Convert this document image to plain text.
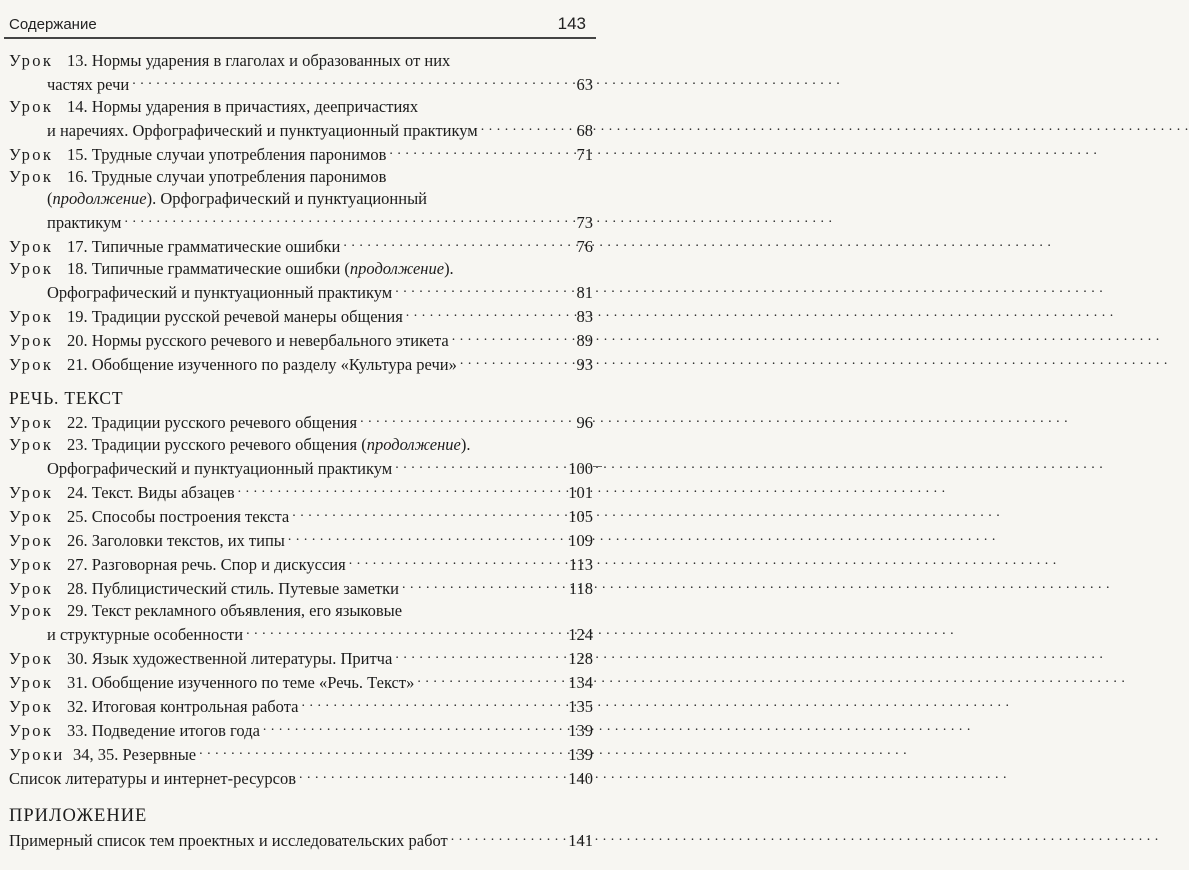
Содержание	143
Урок 13.
Нормы ударения в глаголах и образованных от них
частях речи . . .	63
Урок 14.
Нормы ударения в причастиях, деепричастиях
и наречиях. Орфографический и пунктуационный практикум . . .	68
Урок 15.
Трудные случаи употребления паронимов . . .	71
Урок 16.
Трудные случаи употребления паронимов
( продолжение ). Орфографический и пунктуационный
практикум . . .	73
Урок 17.
Типичные грамматические ошибки . . .	76
Урок 18.
Типичные грамматические ошибки ( продолжение ).
Орфографический и пунктуационный практикум . . .	81
Урок 19.
Традиции русской речевой манеры общения . . .	83
Урок 20.
Нормы русского речевого и невербального этикета . . .	89
Урок 21.
Обобщение изученного по разделу «Культура речи» . . .	93
РЕЧЬ. ТЕКСТ
Урок 22.
Традиции русского речевого общения . . .	96
Урок 23.
Традиции русского речевого общения ( продолжение ).
Орфографический и пунктуационный практикум . . .	100
Урок 24.
Текст. Виды абзацев . . .	101
Урок 25.
Способы построения текста . . .	105
Урок 26.
Заголовки текстов, их типы . . .	109
Урок 27.
Разговорная речь. Спор и дискуссия . . .	113
Урок 28.
Публицистический стиль. Путевые заметки . . .	118
Урок 29.
Текст рекламного объявления, его языковые
и структурные особенности . . .	124
Урок 30.
Язык художественной литературы. Притча . . .	128
Урок 31.
Обобщение изученного по теме «Речь. Текст» . . .	134
Урок 32.
Итоговая контрольная работа . . .	135
Урок 33.
Подведение итогов года . . .	139
Уроки 34, 35.
Резервные . . .	139
Список литературы и интернет-ресурсов . . .	140
ПРИЛОЖЕНИЕ
Примерный список тем проектных и исследовательских работ . . .	141
